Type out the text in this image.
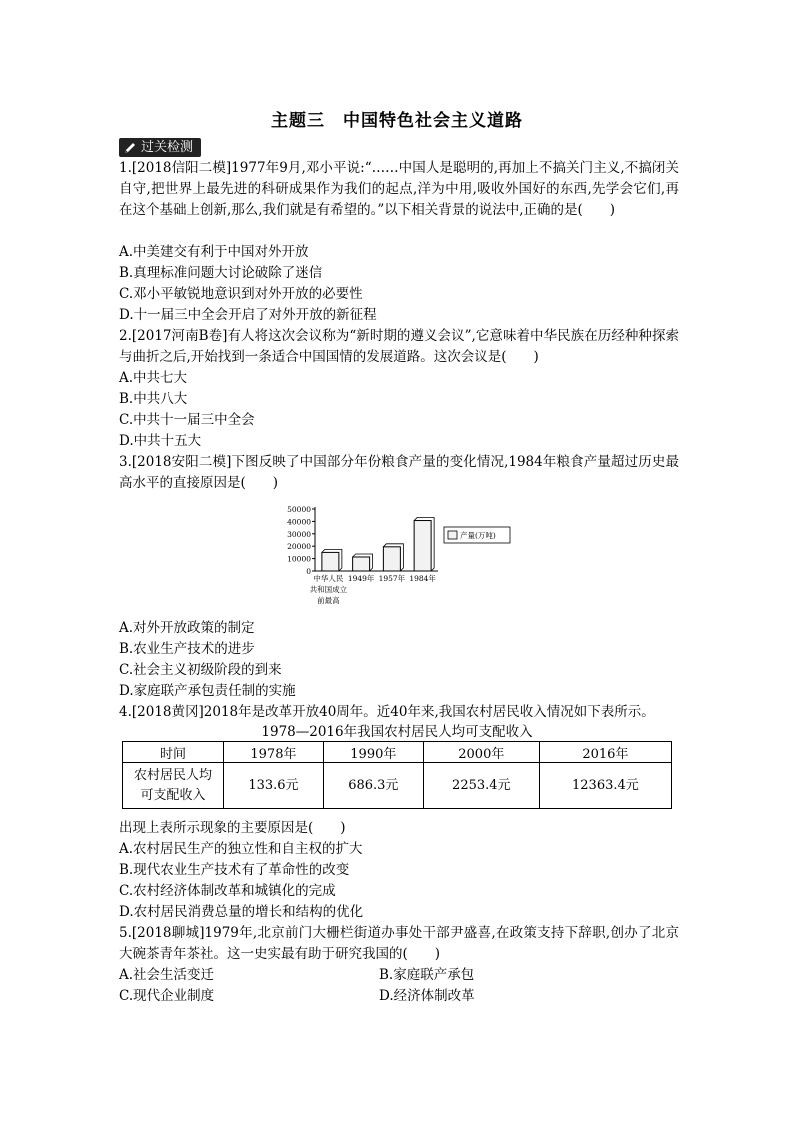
主题三　中国特色社会主义道路
过关检测
1.[2018信阳二模]1977年9月,邓小平说:“……中国人是聪明的,再加上不搞关门主义,不搞闭关自守,把世界上最先进的科研成果作为我们的起点,洋为中用,吸收外国好的东西,先学会它们,再在这个基础上创新,那么,我们就是有希望的。”以下相关背景的说法中,正确的是(　　)
A.中美建交有利于中国对外开放
B.真理标准问题大讨论破除了迷信
C.邓小平敏锐地意识到对外开放的必要性
D.十一届三中全会开启了对外开放的新征程
2.[2017河南B卷]有人将这次会议称为“新时期的遵义会议”,它意味着中华民族在历经种种探索与曲折之后,开始找到一条适合中国国情的发展道路。这次会议是(　　)
A.中共七大
B.中共八大
C.中共十一届三中全会
D.中共十五大
3.[2018安阳二模]下图反映了中国部分年份粮食产量的变化情况,1984年粮食产量超过历史最高水平的直接原因是(　　)
50000
40000
30000
20000
10000
0
中华人民
共和国成立
前最高
1949年 1957年 1984年
产量(万吨)
A.对外开放政策的制定
B.农业生产技术的进步
C.社会主义初级阶段的到来
D.家庭联产承包责任制的实施
4.[2018黄冈]2018年是改革开放40周年。近40年来,我国农村居民收入情况如下表所示。
1978—2016年我国农村居民人均可支配收入
时间	1978年	1990年	2000年	2016年
农村居民人均可支配收入	133.6元	686.3元	2253.4元	12363.4元
出现上表所示现象的主要原因是(　　)
A.农村居民生产的独立性和自主权的扩大
B.现代农业生产技术有了革命性的改变
C.农村经济体制改革和城镇化的完成
D.农村居民消费总量的增长和结构的优化
5.[2018聊城]1979年,北京前门大栅栏街道办事处干部尹盛喜,在政策支持下辞职,创办了北京大碗茶青年茶社。这一史实最有助于研究我国的(　　)
A.社会生活变迁	B.家庭联产承包
C.现代企业制度	D.经济体制改革
